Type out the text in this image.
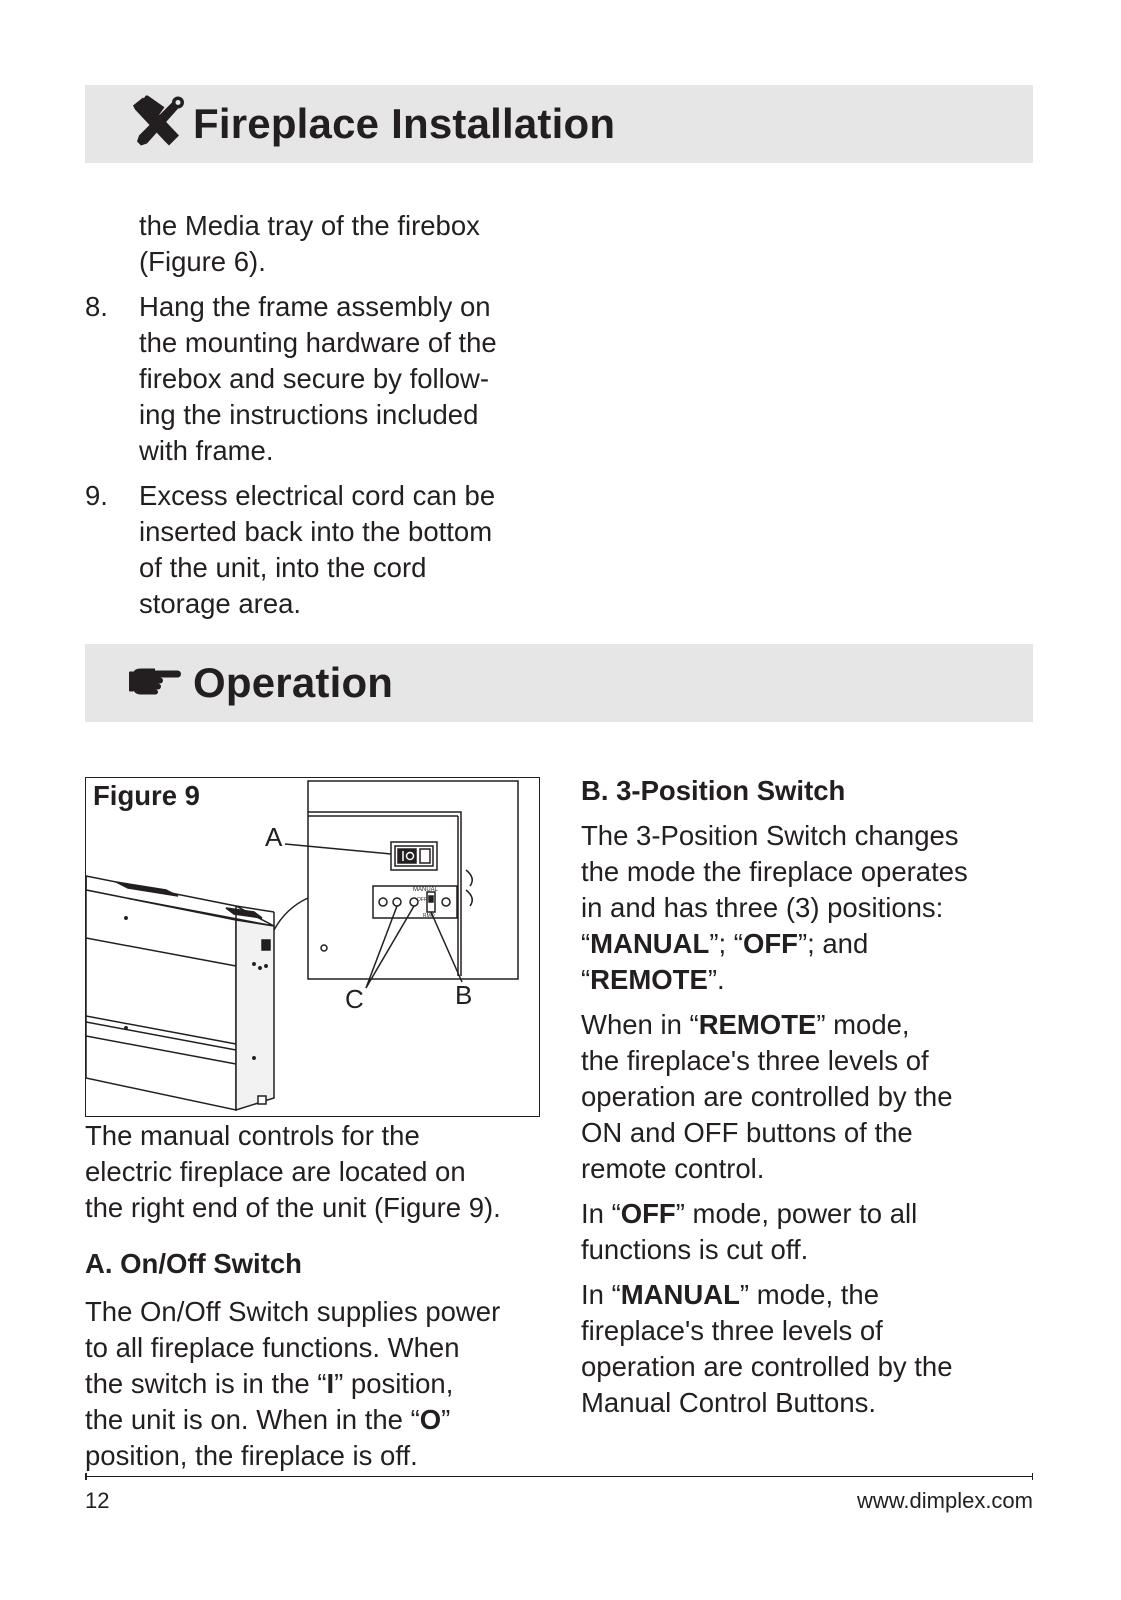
Fireplace Installation
the Media tray of the firebox
(Figure 6).
8. Hang the frame assembly on
the mounting hardware of the
firebox and secure by follow-
ing the instructions included
with frame.
9. Excess electrical cord can be
inserted back into the bottom
of the unit, into the cord
storage area.
Operation
Figure 9
MANUAL
OFF
RMO
A
C	B
The manual controls for the
electric fireplace are located on
the right end of the unit (Figure 9).
A. On/Off Switch
The On/Off Switch supplies power
to all fireplace functions. When
the switch is in the “I” position,
the unit is on. When in the “O”
position, the fireplace is off.
B. 3-Position Switch
The 3-Position Switch changes
the mode the fireplace operates
in and has three (3) positions:
“MANUAL”; “OFF”; and
“REMOTE”.
When in “REMOTE” mode,
the fireplace's three levels of
operation are controlled by the
ON and OFF buttons of the
remote control.
In “OFF” mode, power to all
functions is cut off.
In “MANUAL” mode, the
fireplace's three levels of
operation are controlled by the
Manual Control Buttons.
12	www.dimplex.com
